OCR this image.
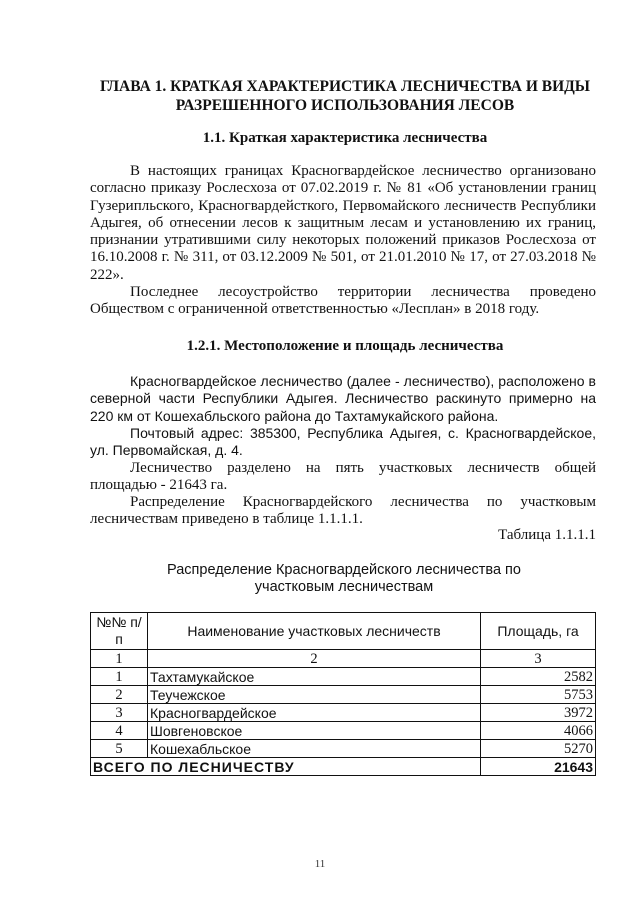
ГЛАВА 1. КРАТКАЯ ХАРАКТЕРИСТИКА ЛЕСНИЧЕСТВА И ВИДЫ РАЗРЕШЕННОГО ИСПОЛЬЗОВАНИЯ ЛЕСОВ
1.1. Краткая характеристика лесничества

В настоящих границах Красногвардейское лесничество организовано согласно приказу Рослесхоза от 07.02.2019 г. № 81 «Об установлении границ Гузерипльского, Красногвардейсткого, Первомайского лесничеств Республики Адыгея, об отнесении лесов к защитным лесам и установлению их границ, признании утратившими силу некоторых положений приказов Рослесхоза от 16.10.2008 г. № 311, от 03.12.2009 № 501, от 21.01.2010 № 17, от 27.03.2018 № 222».

Последнее лесоустройство территории лесничества проведено Обществом с ограниченной ответственностью «Лесплан» в 2018 году.

1.2.1. Местоположение и площадь лесничества

Красногвардейское лесничество (далее - лесничество), расположено в северной части Республики Адыгея. Лесничество раскинуто примерно на 220 км от Кошехабльского района до Тахтамукайского района.

Почтовый адрес: 385300, Республика Адыгея, с. Красногвардейское, ул. Первомайская, д. 4.

Лесничество разделено на пять участковых лесничеств общей площадью - 21643 га.

Распределение Красногвардейского лесничества по участковым лесничествам приведено в таблице 1.1.1.1.

Таблица 1.1.1.1
Распределение Красногвардейского лесничества по участковым лесничествам
№№ п/п	Наименование участковых лесничеств	Площадь, га
1	2	3
1	Тахтамукайское	2582
2	Теучежское	5753
3	Красногвардейское	3972
4	Шовгеновское	4066
5	Кошехабльское	5270
ВСЕГО ПО ЛЕСНИЧЕСТВУ		21643
11
